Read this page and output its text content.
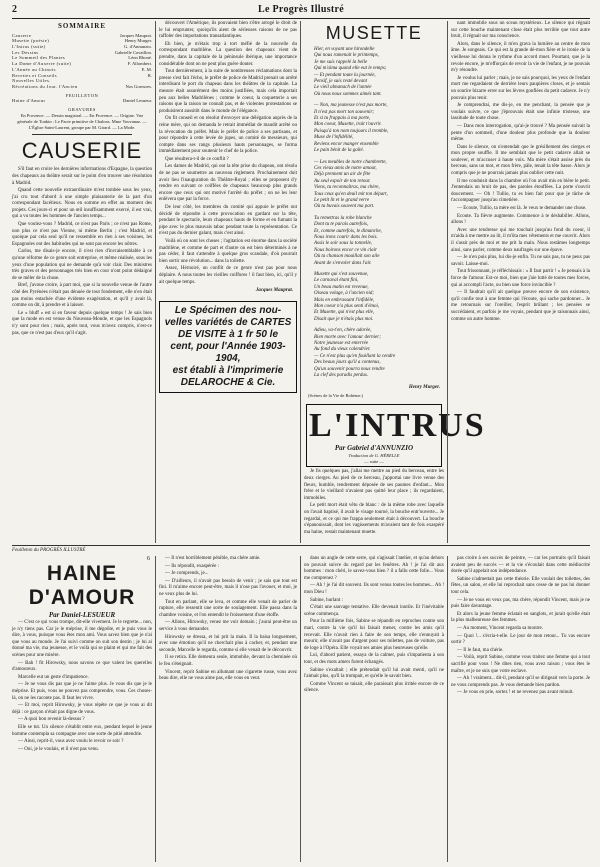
2	Le Progrès Illustré
SOMMAIRE
Causerie	Jacques Mauprat.
Musette (poésie)	Henry Murger.
L'Intrus (suite)	G. d'Annunzio.
Les Dessins	Gabrielle Cavaillon.
Le Sommeil des Plantes	Léon Rhoné.
La Dame d'Auxerre (suite)	F. Allombert.
L'Année au Chinois	E. M.
Recettes et Conseils	R.
Nouvelles Utiles.
Récréations du Jour. l'Ancien	Nos Gravures.
FEUILLETON
Haine d'Amour	Daniel Lesueur.
GRAVURES
En Provence. — Dessin magistral. — En Provence. — Origine. Vue générale de Tonkin : Le Pacte primitive de Chalons. Mme Vouvanaz. — L'Église Saint-Laurent, groupe par M. Girard. — La Mode.
CAUSERIE

S'il faut en croire les dernières informations d'Espagne, la question des chapeaux au théâtre serait sur le point d'en trouver une résolution à Madrid.

Quand cette nouvelle extraordinaire m'est tombée sous les yeux, j'ai cru tout d'abord à une simple plaisanterie de la part d'un correspondant facétieux. Nous en somme en effet au moment des projets. Ces jours-ci et pour un œil insuffisamment exercé, il est vrai, qui a vu toutes les hommes de l'ancien temps...

Que voulez-vous ? Madrid, ce n'est pas Paris ; ce n'est pas Rome, non plus ce n'est pas Vienne, ni même Berlin ; c'est Madrid, et quoique par cela seul qu'il ne ressemble en rien à ses voisines, les Espagnoles ont des habitudes qui ne sont pas encore les nôtres.

Carlos, me disais-je encore, il n'est rien d'invraisemblable à ce qu'une réforme de ce genre soit entreprise, et même réalisée, sous les yeux d'une population qui ne demande qu'à voir clair. Des ministres très graves et des personnages très bien en cour n'ont point dédaigné de se mêler de la chose.

Bref, j'avoue croire, à part moi, que si la nouvelle venue de l'autre côté des Pyrénées n'était pas dénuée de tout fondement, elle n'en était pas moins entachée d'une évidente exagération, et qu'il y avait là, comme on dit, à prendre et à laisser.

Le « bluff » est si en faveur depuis quelque temps ! Je sais bien que la mode en est venue du Nouveau-Monde, et que les Espagnols n'y sont pour rien ; mais, après tout, vous m'avez compris, n'est-ce pas, que ce n'est pas d'eux qu'il s'agit.

découvert l'Amérique, ils pouvaient bien s'être arrogé le droit de le lui emprunter, quoiqu'ils aient de sérieuses raisons de ne pas raffoler des importations transatlantiques.

Eh bien, je m'étais trop à tort méfié de la nouvelle du correspondant madrilène. La question des chapeaux vient de prendre, dans la capitale de la péninsule ibérique, une importance considérable dont on ne peut plus guère douter.

Tout dernièrement, à la suite de nombreuses réclamations dont la presse s'est fait l'écho, le préfet de police de Madrid prenait un arrêté interdisant le port du chapeau dans les théâtres de la capitale. La mesure était assurément des moins justifiées, mais cela importait peu aux belles Madrilènes ; comme le coeur, la coquetterie a ses raisons que la raison ne connaît pas, et de violentes protestations se produisirent aussitôt dans le monde de l'élégance.

On fit conseil et on résolut d'envoyer une délégation auprès de la reine mère, qui on demanda le retrait immédiat de maudit arrêté ou la révocation du préfet. Mais le préfet de police a ses partisans, et pour répondre à cette levée de jupes, un comité de messieurs, qui compte dans ses rangs plusieurs hauts personnages, se forma immédiatement pour soutenir le chef de la police.

Que résultera-t-il de ce conflit ?

Les dames de Madrid, qui ont la tête prise du chapeau, ont résolu de ne pas se soumettre au nouveau règlement. Prochainement doit avoir lieu l'inauguration du Théâtre-Royal ; elles se proposent d'y rendre en suivant ce coiffées de chapeaux beaucoup plus grands encore que ceux qui ont motivé l'arrêté du préfet ; on ne les leur enlèvera que par la force.

De leur côté, les membres du comité qui appuie le préfet ont décidé de répondre à cette provocation en gardant sur la tête, pendant le spectacle, leurs chapeaux hauts de forme et en fumant la pipe avec le plus mauvais tabac pendant toute la représentation. Ce n'est pas du dernier galant, mais c'est ainsi.

Voilà où on sont les choses ; l'agitation est énorme dans la société madrilène, et comme de part et d'autre on est bien déterminés à ne pas céder, il faut s'attendre à quelque gros scandale, d'où pourrait bien sortir une révolution... dans la toilette.

Assez, Hérnoiré, un conflit de ce genre n'est pas pour nous déplaire. A nous toutes les vieilles coiffures ! il faut bien, ici, qu'il y ait quelque temps.

Jacques Mauprat.
Le Spécimen des nou-
velles variétés de CARTES
DE VISITE à 1 fr 50 le
cent, pour l'Année 1903-1904,
est établi à l'imprimerie
DELAROCHE & Cie.
MUSETTE
Hier, en voyant une hirondelle
Qui nous ramenait le printemps,
Je me suis rappelé la belle
Qui m'aima quand elle eut le temps;
— Et pendant toute la journée,
Pensif, je suis resté devant
Le vieil almanach de l'année
Où nous nous sommes aimés tant.
— Non, ma jeunesse n'est pas morte,
Il n'est pas mort ton souvenir;
Et si tu frappais à ma porte,
Mon coeur, Musette, irait t'ouvrir.
Puisqu'à ton nom toujours il tremble,
Muse de l'infidélité,
Reviens encor manger ensemble
Le pain bénit de la gaîté.
— Les meubles de notre chambrette,
Ces vieux amis de notre amour,
Déjà prennent un air de fête
Au seul espoir de ton retour.
Viens, tu reconnaîtras, ma chère,
Tous ceux qu'en deuil mit ton départ,
Le petit lit et le grand verre
Où tu buvais souvent ma part.
Tu remettras la robe blanche
Dont tu te parais autrefois,
Et, comme autrefois, le dimanche,
Nous irons courir dans les bois.
Assis le soir sous la tonnelle,
Nous boirons encor ce vin clair
Où ta chanson mouillait son aile
Avant de s'envoler dans l'air.
Musette qui s'est souvenue,
Le carnaval étant fini,
Un beau matin est revenue,
Oiseau volage, à l'ancien nid;
Mais en embrassant l'infidèle,
Mon coeur n'a plus senti d'émoi,
Et Musette, qui n'est plus elle,
Disait que je n'étais plus moi.
Adieu, va-t'en, chère adorée,
Bien morte avec l'amour dernier;
Notre jeunesse est enterrée
Au fond du vieux calendrier.
— Ce n'est plus qu'en fouillant la cendre
Des beaux jours qu'il a contenus,
Qu'un souvenir pourra nous rendre
La clef des paradis perdus.
Henry Murger.
(Scènes de la Vie de Bohème.)
L'INTRUS
Par Gabriel d'ANNUNZIO
Traduction de G. HÉRELLE
— suite —

Je fis quelques pas, j'allai me mettre au pied du berceau, entre les deux cierges. Au pied de ce berceau, j'apportai une livre venue des fleurs, humble, tendrement déposée de ses paumes d'enfant... Mon frère et le vieillard n'avaient pas quitté leur place ; ils regardaient, immobiles.

Le petit mort était vêtu de blanc : de la même robe avec laquelle on l'avait baptisé, il avait le visage tourné, la bouche entr'ouverte... Je regardai, et ce qui me frappa seulement était à découvert. La bouche s'épanouissait, dont les vagissements m'avaient tant de fois exaspéré ma haine, restait maintenant muette.

nant immobile sous un sceau mystérieux. Le silence qui régnait sur cette bouche maintenant close était plus terrible que tout autre bruit, il régnait sur ma conscience.

Alors, dans le silence, il m'en grava la lumière au centre de mon âme. Je songeais. Ce qui est la grande dé-mon fière et le ironie de la vieillesse lui donna le rythme d'un accord muet. Pourtant, que je la revoie encore, je m'efforçais de revoir la vie de l'enfant, je ne pouvais m'y résoudre.

Je voulus lui parler ; mais, je ne sais pourquoi, les yeux de l'enfant mort me regardaient de derrière leurs paupières closes, et je sentais un sourire bizarre errer sur les lèvres gonflées du petit cadavre. Je n'y pouvais plus tenir.

Je comprendrai, me dis-je, en me penchant, la pensée que je voulais suivre, ce que j'éprouvais était une infinie tristesse, une lassitude de toute chose.

— Dans mon interrogation, qu'ai-je trouvé ? Ma pensée suivait la pente d'un sommeil, d'une douleur plus profonde que la douleur même.

Dans le silence, on n'entendait que le grésillement des cierges et mon propre souffle. Il me semblait que le petit cadavre allait se soulever, et m'accuser à haute voix. Ma mère s'était assise près du berceau, sans un mot, et mon frère, pâle, tenait la tête basse. Alors je compris que je ne pourrais jamais plus oublier cette nuit.

Il me conduisit dans la chambre où l'on avait mis en bière le petit. J'entendais un bruit de pas, des paroles étouffées. La porte s'ouvrit doucement. — Oh ! Tullio, tu es bien fait pour que je tâche de t'accompagner jusqu'au cimetière.

— Ecoute, Tullio, ta mère est là. Je veux te demander une chose.

Ecoute. Ta fièvre augmente. Commence à te déshabiller. Allons, allons !

Avec une tendresse qui me touchait jusqu'au fond du coeur, il m'aida à me mettre au lit, il m'ôta mes vêtements et me couvrit. Alors il s'assit près de moi et me prit la main. Nous restâmes longtemps ainsi, sans parler, comme deux naufragés sur une épave.

— Je n'en puis plus, lui dis-je enfin. Tu ne sais pas, tu ne peux pas savoir. Laisse-moi.

Tout frissonnant, je réfléchissais : « Il faut partir ! » Je pensais à la force de l'amour. Est-ce moi, bien que j'aie lutté de toutes mes forces, qui ai accompli l'acte, ou bien une force invincible ?

— Il faudrait qu'il ait quelque preuve encore de son existence, qu'il confie tout à une femme qui l'écoute, qui sache pardonner... Je me retournais sur l'oreiller, l'esprit brûlant ; les pensées se succédaient, et parfois je me voyais, pendant que je raisonnais ainsi, comme un autre homme.

Feuilleton du PROGRÈS ILLUSTRÉ
6
HAINE D'AMOUR
Par Daniel-LESUEUR

— C'est ce qui vous trompe, dit-elle vivement. Je le regrette... non, je n'y tiens pas. Car je le méprise, il me dégoûte, et je puis vous le dire, à vous, puisque vous êtes mon ami. Vous savez bien que je n'ai que vous au monde. Je l'ai suivi comme on suit son destin ; je lui ai donné ma vie, ma jeunesse, et le voilà qui se plaint et qui me fait des scènes pour une misère.

— Bah ! fit Hirowsky, nous savons ce que valent les querelles d'amoureux.

Marcelle eut un geste d'impatience.

— Je ne vous dis pas que je ne l'aime plus. Je vous dis que je le méprise. Et puis, vous ne pouvez pas comprendre, vous. Ces choses-là, on ne les raconte pas. Il faut les vivre.

— Et moi, reprit Hirowsky, je vous répète ce que je vous ai dit déjà : ce garçon n'était pas digne de vous.

— A quoi bon revenir là-dessus ?

Elle se tut. Un silence s'établit entre eux, pendant lequel le jeune homme contempla sa compagne avec une sorte de pitié attendrie.

— Ainsi, reprit-il, vous avez voulu le revoir ce soir ?

— Oui, je le voulais, et il n'est pas venu.

— Il n'est horriblement pénible, ma chère amie.

— Ils répondit, exaspérée :

— Je comprends, je...

— D'ailleurs, il n'avait pas besoin de venir ; je sais que tout est fini. Il m'aime encore peut-être, mais il n'ose pas l'avouer, et moi, je ne veux plus de lui.

Tout en parlant, elle se leva, et comme elle venait de parler de rupture, elle ressentit une sorte de soulagement. Elle passa dans la chambre voisine, et l'on entendit le froissement d'une étoffe.

— Allons, Hirowsky, venez me voir demain ; j'aurai peut-être un service à vous demander.

Hirowsky se dressa, et lui prit la main. Il la baisa longuement, avec une émotion qu'il ne cherchait plus à cacher, et, pendant une seconde, Marcelle le regarda, comme si elle venait de le découvrir.

Il se retira. Elle demeura seule, immobile, devant la cheminée où le feu s'éteignait.

Vincent, reprit Sabine en allumant une cigarette russe, vous avez beau dire, elle ne vous aime pas, elle vous en veut.

dans un angle de cette serre, qui s'agissait l'atelier, et qu'au dehors on pouvait suivre du regard par les fenêtres. Ah ! je l'ai dit aux hommes : mon chéri, le savez-vous bien ? il a fallu cette folie... Vous me comprenez ?

— Ah ! je l'ai dit souvent. Ils sont venus toutes les hommes... Ah ! mon Dieu !

Sabine, hurlant :

C'était une sauvage tentative. Elle devenait inutile. Et l'inévitable scène commença.

Pour la millième fois, Sabine se répandit en reproches contre son mari, contre la vie qu'il lui faisait mener, contre les amis qu'il recevait. Elle n'avait rien à faire de son temps, elle s'ennuyait à mourir, elle n'avait pas d'argent pour ses toilettes, pas de voiture, pas de loge à l'Opéra. Elle voyait ses amies plus heureuses qu'elle.

Lui, d'abord patient, essaya de la calmer, puis s'impatienta à son tour, et des mots amers furent échangés.

Sabine s'exaltait ; elle prétendait qu'il lui avait menti, qu'il ne l'aimait plus, qu'il la trompait, et qu'elle le savait bien.

Comme Vincent se taisait, elle paraissait plus irritée encore de ce silence.

pas croire à ses succès de peintre, — car les portraits qu'il faisait avaient peu de succès — et la vie s'écoulait dans cette médiocrité dorée qu'il appelait son indépendance.

Sabine n'admettait pas cette théorie. Elle voulait des toilettes, des fêtes, un salon, et elle lui reprochait sans cesse de ne pas lui donner tout cela.

— Je ne vous en veux pas, ma chère, répondit Vincent, mais je ne puis faire davantage.

Et alors la jeune femme éclatait en sanglots, et jurait qu'elle était la plus malheureuse des femmes.

— Au moment, Vincent regarda sa montre.

— Quoi !... s'écria-t-elle. Le jour de mon retour... Tu vas encore sortir ?

— Il le faut, ma chérie.

— Voilà, reprit Sabine, comme vous traitez une femme qui a tout sacrifié pour vous ! Ne dites rien, vous avez raison ; vous êtes le maître, et je ne suis que votre esclave.

— Ah ! vraiment... dit-il, pendant qu'il se dirigeait vers la porte. Je ne vous comprends pas. Je vous demande bien pardon.

— Je vous en prie, sortez ! et ne revenez pas avant minuit.
